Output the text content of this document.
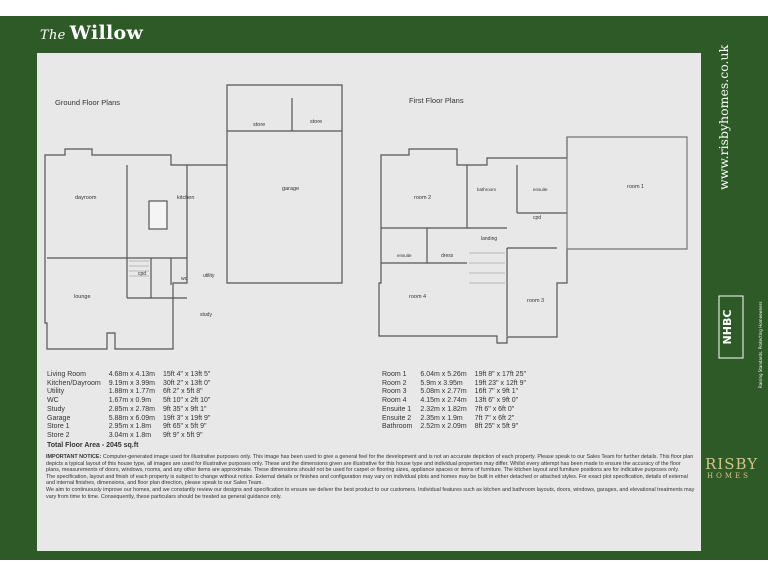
The Willow
Ground Floor Plans	First Floor Plans
dayroom	kitchen
lounge
cpd
wc	utility
study
garage
store	store
room 1
room 2
room 3
room 4
bathroom	ensuite
ensuite
cpd
landing
dress
Living Room	4.68m x 4.13m	15ft 4" x 13ft 5"
Kitchen/Dayroom	9.19m x 3.99m	30ft 2" x 13ft 0"
Utility	1.88m x 1.77m	6ft 2" x 5ft 8"
WC	1.67m x 0.9m	5ft 10" x 2ft 10"
Study	2.85m x 2.78m	9ft 35" x 9ft 1"
Garage	5.88m x 6.09m	19ft 3" x 19ft 9"
Store 1	2.95m x 1.8m	9ft 65" x 5ft 9"
Store 2	3.04m x 1.8m	9ft 9" x 5ft 9"
Room 1	6.04m x 5.26m	19ft 8" x 17ft 25"
Room 2	5.9m x 3.95m	19ft 23" x 12ft 9"
Room 3	5.08m x 2.77m	16ft 7" x 9ft 1"
Room 4	4.15m x 2.74m	13ft 6" x 9ft 0"
Ensuite 1	2.32m x 1.82m	7ft 6" x 6ft 0"
Ensuite 2	2.35m x 1.9m	7ft 7" x 6ft 2"
Bathroom	2.52m x 2.09m	8ft 25" x 5ft 9"
Total Floor Area - 2045 sq.ft

IMPORTANT NOTICE: Computer-generated image used for illustrative purposes only. This image has been used to give a general feel for the development and is not an accurate depiction of each property. Please speak to our Sales Team for further details. This floor plan depicts a typical layout of this house type, all images are used for illustrative purposes only. These and the dimensions given are illustrative for this house type and individual properties may differ. Whilst every attempt has been made to ensure the accuracy of the floor plans, measurements of doors, windows, rooms, and any other items are approximate. These dimensions should not be used for carpet or flooring sizes, appliance spaces or items of furniture. The kitchen layout and furniture positions are for indicative purposes only.

The specification, layout and finish of each property is subject to change without notice. External details or finishes and configuration may vary on individual plots and homes may be built in either detached or attached styles. For exact plot specification, details of external and internal finishes, dimensions, and floor plan direction, please speak to our Sales Team.

We aim to continuously improve our homes, and we constantly review our designs and specification to ensure we deliver the best product to our customers. Individual features such as kitchen and bathroom layouts, doors, windows, garages, and elevational treatments may vary from time to time. Consequently, these particulars should be treated as general guidance only.

www.risbyhomes.co.uk
NHBC	Raising Standards. Protecting Homeowners
RISBY
HOMES
